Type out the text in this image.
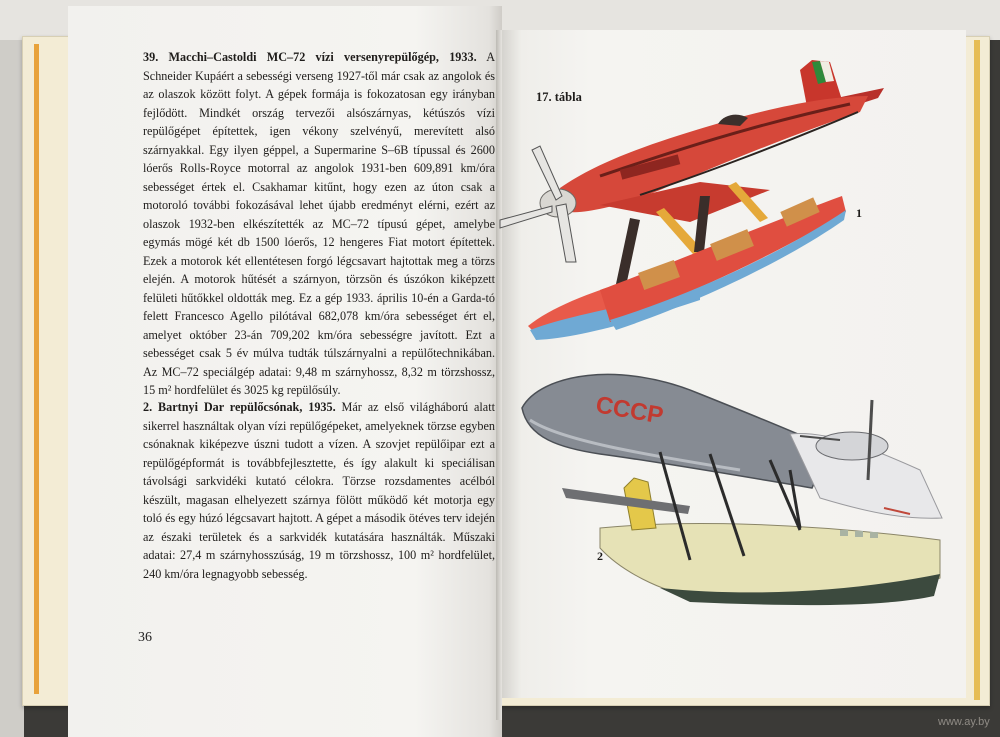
39. Macchi–Castoldi MC–72 vízi versenyrepülőgép, 1933. A Schneider Kupáért a sebességi verseng 1927-től már csak az angolok és az olaszok között folyt. A gépek formája is fokozatosan egy irányban fejlődött. Mindkét ország tervezői alsószárnyas, kétúszós vízi repülőgépet építettek, igen vékony szelvényű, merevített alsó szárnyakkal. Egy ilyen géppel, a Supermarine S–6B típussal és 2600 lóerős Rolls-Royce motorral az angolok 1931-ben 609,891 km/óra sebességet értek el. Csakhamar kitűnt, hogy ezen az úton csak a motoroló további fokozásával lehet újabb eredményt elérni, ezért az olaszok 1932-ben elkészítették az MC–72 típusú gépet, amelybe egymás mögé két db 1500 lóerős, 12 hengeres Fiat motort építettek. Ezek a motorok két ellentétesen forgó légcsavart hajtottak meg a törzs elején. A motorok hűtését a szárnyon, törzsön és úszókon kiképzett felületi hűtőkkel oldották meg. Ez a gép 1933. április 10-én a Garda-tó felett Francesco Agello pilótával 682,078 km/óra sebességet ért el, amelyet október 23-án 709,202 km/óra sebességre javított. Ezt a sebességet csak 5 év múlva tudták túlszárnyalni a repülőtechnikában. Az MC–72 speciálgép adatai: 9,48 m szárnyhossz, 8,32 m törzshossz, 15 m² hordfelület és 3025 kg repülősúly.

2. Bartnyi Dar repülőcsónak, 1935. Már az első világháború alatt sikerrel használtak olyan vízi repülőgépeket, amelyeknek törzse egyben csónaknak kiképezve úszni tudott a vízen. A szovjet repülőipar ezt a repülőgépformát is továbbfejlesztette, és így alakult ki speciálisan távolsági sarkvidéki kutató célokra. Törzse rozsdamentes acélból készült, magasan elhelyezett szárnya fölött működő két motorja egy toló és egy húzó légcsavart hajtott. A gépet a második ötéves terv idején az északi területek és a sarkvidék kutatására használták. Műszaki adatai: 27,4 m szárnyhosszúság, 19 m törzshossz, 100 m² hordfelület, 240 km/óra legnagyobb sebesség.

36
17. tábla
СССР
1
2
www.ay.by
